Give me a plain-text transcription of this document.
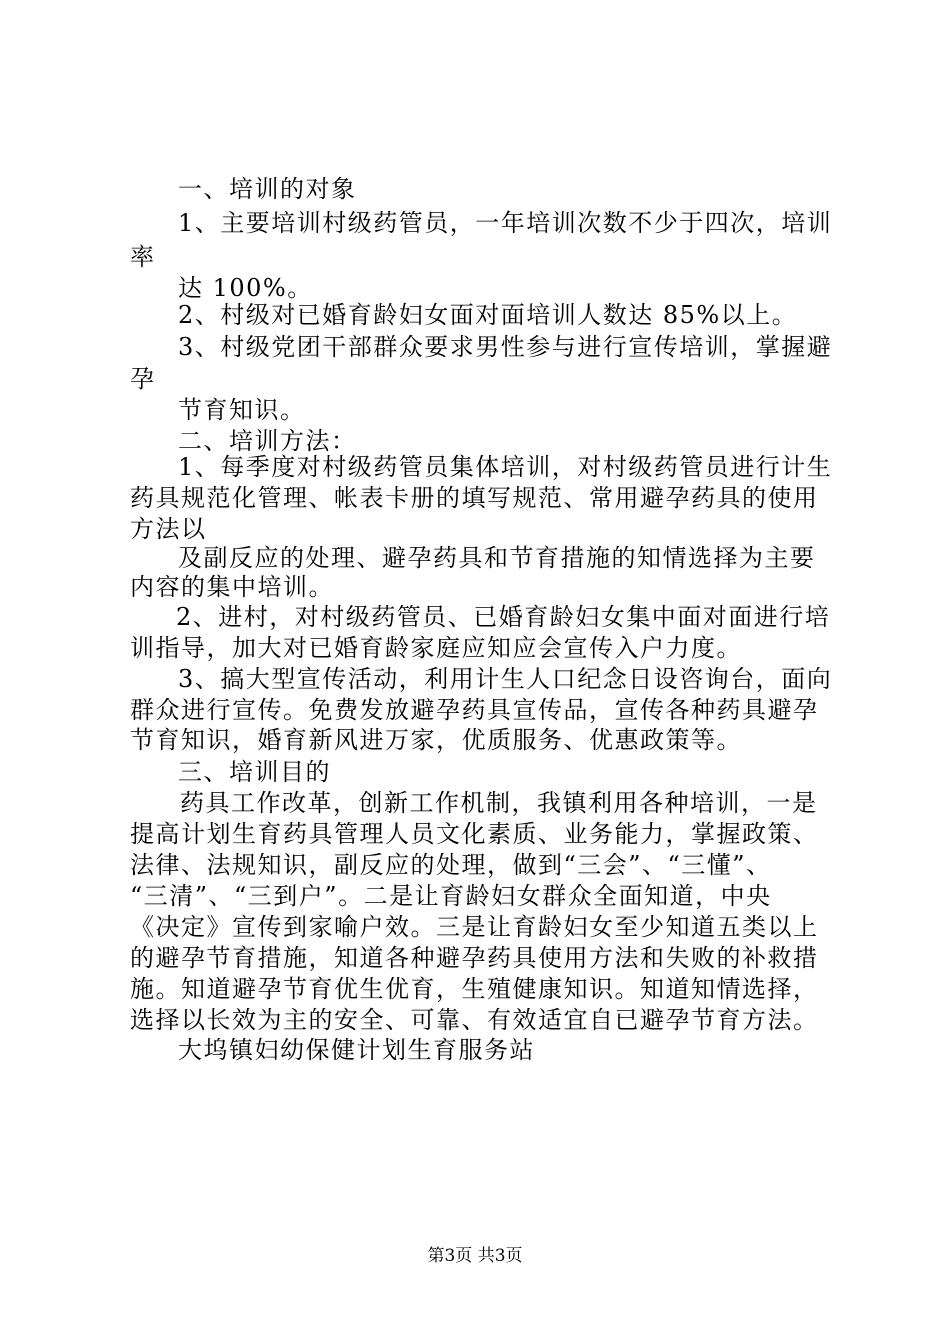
一、培训的对象
1、主要培训村级药管员，一年培训次数不少于四次，培训
率
达 100%。
2、村级对已婚育龄妇女面对面培训人数达 85%以上。
3、村级党团干部群众要求男性参与进行宣传培训，掌握避
孕
节育知识。
二、培训方法：
1、每季度对村级药管员集体培训，对村级药管员进行计生
药具规范化管理、帐表卡册的填写规范、常用避孕药具的使用
方法以
及副反应的处理、避孕药具和节育措施的知情选择为主要
内容的集中培训。
2、进村，对村级药管员、已婚育龄妇女集中面对面进行培
训指导，加大对已婚育龄家庭应知应会宣传入户力度。
3、搞大型宣传活动，利用计生人口纪念日设咨询台，面向
群众进行宣传。免费发放避孕药具宣传品，宣传各种药具避孕
节育知识，婚育新风进万家，优质服务、优惠政策等。
三、培训目的
药具工作改革，创新工作机制，我镇利用各种培训，一是
提高计划生育药具管理人员文化素质、业务能力，掌握政策、
法律、法规知识，副反应的处理，做到“三会”、“三懂”、
“三清”、“三到户”。二是让育龄妇女群众全面知道，中央
《决定》宣传到家喻户效。三是让育龄妇女至少知道五类以上
的避孕节育措施，知道各种避孕药具使用方法和失败的补救措
施。知道避孕节育优生优育，生殖健康知识。知道知情选择，
选择以长效为主的安全、可靠、有效适宜自已避孕节育方法。
大坞镇妇幼保健计划生育服务站
第3页 共3页
